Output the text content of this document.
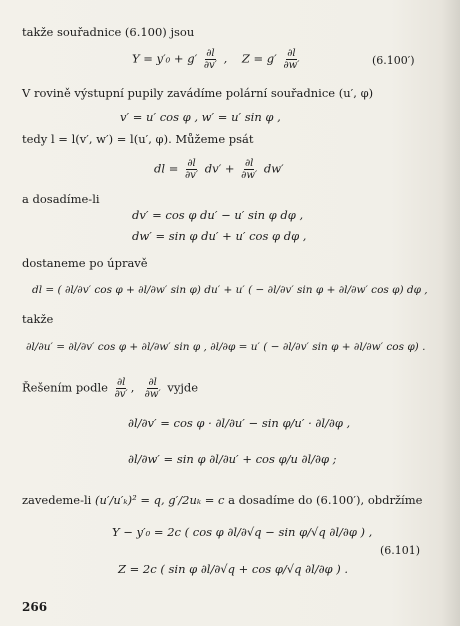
takže souřadnice (6.100) jsou
$Y = y'_0 + g' \frac{\partial l}{\partial v'}$ ,    $Z = g' \frac{\partial l}{\partial w'}$	(6.100′)
V rovině výstupní pupily zavádíme polární souřadnice (u′, φ)
v′ = u′ cos φ , w′ = u′ sin φ ,
tedy l = l(v′, w′) = l(u′, φ). Můžeme psát
dl = $\frac{\partial l}{\partial v'} dv' + \frac{\partial l}{\partial w'} dw'$
a dosadíme-li
dv′ = cos φ du′ − u′ sin φ dφ ,
dw′ = sin φ du′ + u′ cos φ dφ ,
dostaneme po úpravě
dl = ( ∂l/∂v′ cos φ + ∂l/∂w′ sin φ) du′ + u′ ( − ∂l/∂v′ sin φ + ∂l/∂w′ cos φ) dφ ,
takže
∂l/∂u′ = ∂l/∂v′ cos φ + ∂l/∂w′ sin φ , ∂l/∂φ = u′ ( − ∂l/∂v′ sin φ + ∂l/∂w′ cos φ) .
Řešením podle $\frac{\partial l}{\partial v'}$ , $\frac{\partial l}{\partial w'}$ vyjde
∂l/∂v′ = cos φ · ∂l/∂u′ − sin φ/u′ · ∂l/∂φ ,
∂l/∂w′ = sin φ ∂l/∂u′ + cos φ/u ∂l/∂φ ;
zavedeme-li (u′/u′ₖ)² = q, g′/2uₖ = c a dosadíme do (6.100′), obdržíme
Y − y′₀ = 2c ( cos φ ∂l/∂√q − sin φ/√q ∂l/∂φ ) ,
(6.101)
Z = 2c ( sin φ ∂l/∂√q + cos φ/√q ∂l/∂φ ) .
266
